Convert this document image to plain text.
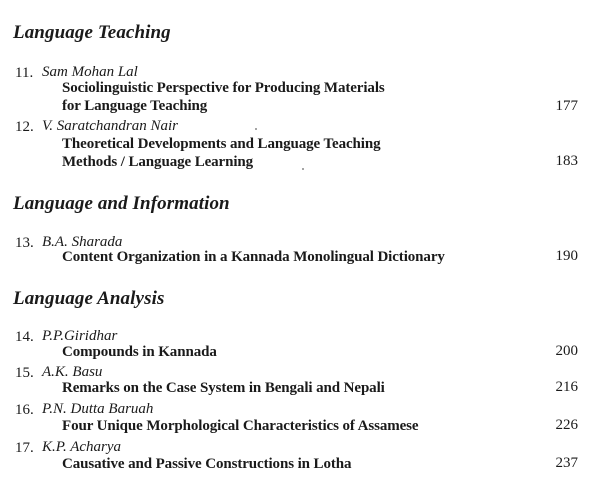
Language Teaching
11. Sam Mohan Lal
Sociolinguistic Perspective for Producing Materials
for Language Teaching	177
12. V. Saratchandran Nair
Theoretical Developments and Language Teaching
Methods / Language Learning	183
Language and Information
13. B.A. Sharada
Content Organization in a Kannada Monolingual Dictionary	190
Language Analysis
14. P.P.Giridhar
Compounds in Kannada	200
15. A.K. Basu
Remarks on the Case System in Bengali and Nepali	216
16. P.N. Dutta Baruah
Four Unique Morphological Characteristics of Assamese	226
17. K.P. Acharya
Causative and Passive Constructions in Lotha	237
